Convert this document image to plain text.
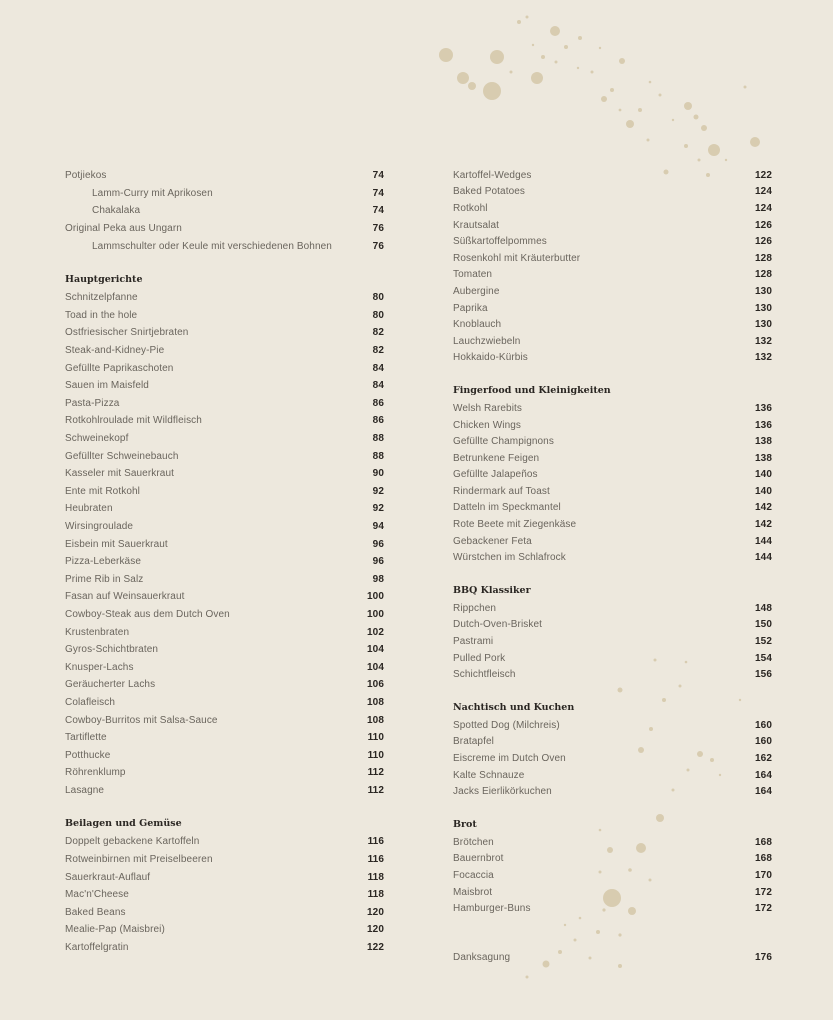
Potjiekos	74
Lamm-Curry mit Aprikosen	74
Chakalaka	74
Original Peka aus Ungarn	76
Lammschulter oder Keule mit verschiedenen Bohnen	76
Hauptgerichte
Schnitzelpfanne	80
Toad in the hole	80
Ostfriesischer Snirtjebraten	82
Steak-and-Kidney-Pie	82
Gefüllte Paprikaschoten	84
Sauen im Maisfeld	84
Pasta-Pizza	86
Rotkohlroulade mit Wildfleisch	86
Schweinekopf	88
Gefüllter Schweinebauch	88
Kasseler mit Sauerkraut	90
Ente mit Rotkohl	92
Heubraten	92
Wirsingroulade	94
Eisbein mit Sauerkraut	96
Pizza-Leberkäse	96
Prime Rib in Salz	98
Fasan auf Weinsauerkraut	100
Cowboy-Steak aus dem Dutch Oven	100
Krustenbraten	102
Gyros-Schichtbraten	104
Knusper-Lachs	104
Geräucherter Lachs	106
Colafleisch	108
Cowboy-Burritos mit Salsa-Sauce	108
Tartiflette	110
Potthucke	110
Röhrenklump	112
Lasagne	112
Beilagen und Gemüse
Doppelt gebackene Kartoffeln	116
Rotweinbirnen mit Preiselbeeren	116
Sauerkraut-Auflauf	118
Mac'n'Cheese	118
Baked Beans	120
Mealie-Pap (Maisbrei)	120
Kartoffelgratin	122
Kartoffel-Wedges	122
Baked Potatoes	124
Rotkohl	124
Krautsalat	126
Süßkartoffelpommes	126
Rosenkohl mit Kräuterbutter	128
Tomaten	128
Aubergine	130
Paprika	130
Knoblauch	130
Lauchzwiebeln	132
Hokkaido-Kürbis	132
Fingerfood und Kleinigkeiten
Welsh Rarebits	136
Chicken Wings	136
Gefüllte Champignons	138
Betrunkene Feigen	138
Gefüllte Jalapeños	140
Rindermark auf Toast	140
Datteln im Speckmantel	142
Rote Beete mit Ziegenkäse	142
Gebackener Feta	144
Würstchen im Schlafrock	144
BBQ Klassiker
Rippchen	148
Dutch-Oven-Brisket	150
Pastrami	152
Pulled Pork	154
Schichtfleisch	156
Nachtisch und Kuchen
Spotted Dog (Milchreis)	160
Bratapfel	160
Eiscreme im Dutch Oven	162
Kalte Schnauze	164
Jacks Eierlikörkuchen	164
Brot
Brötchen	168
Bauernbrot	168
Focaccia	170
Maisbrot	172
Hamburger-Buns	172
Danksagung	176
